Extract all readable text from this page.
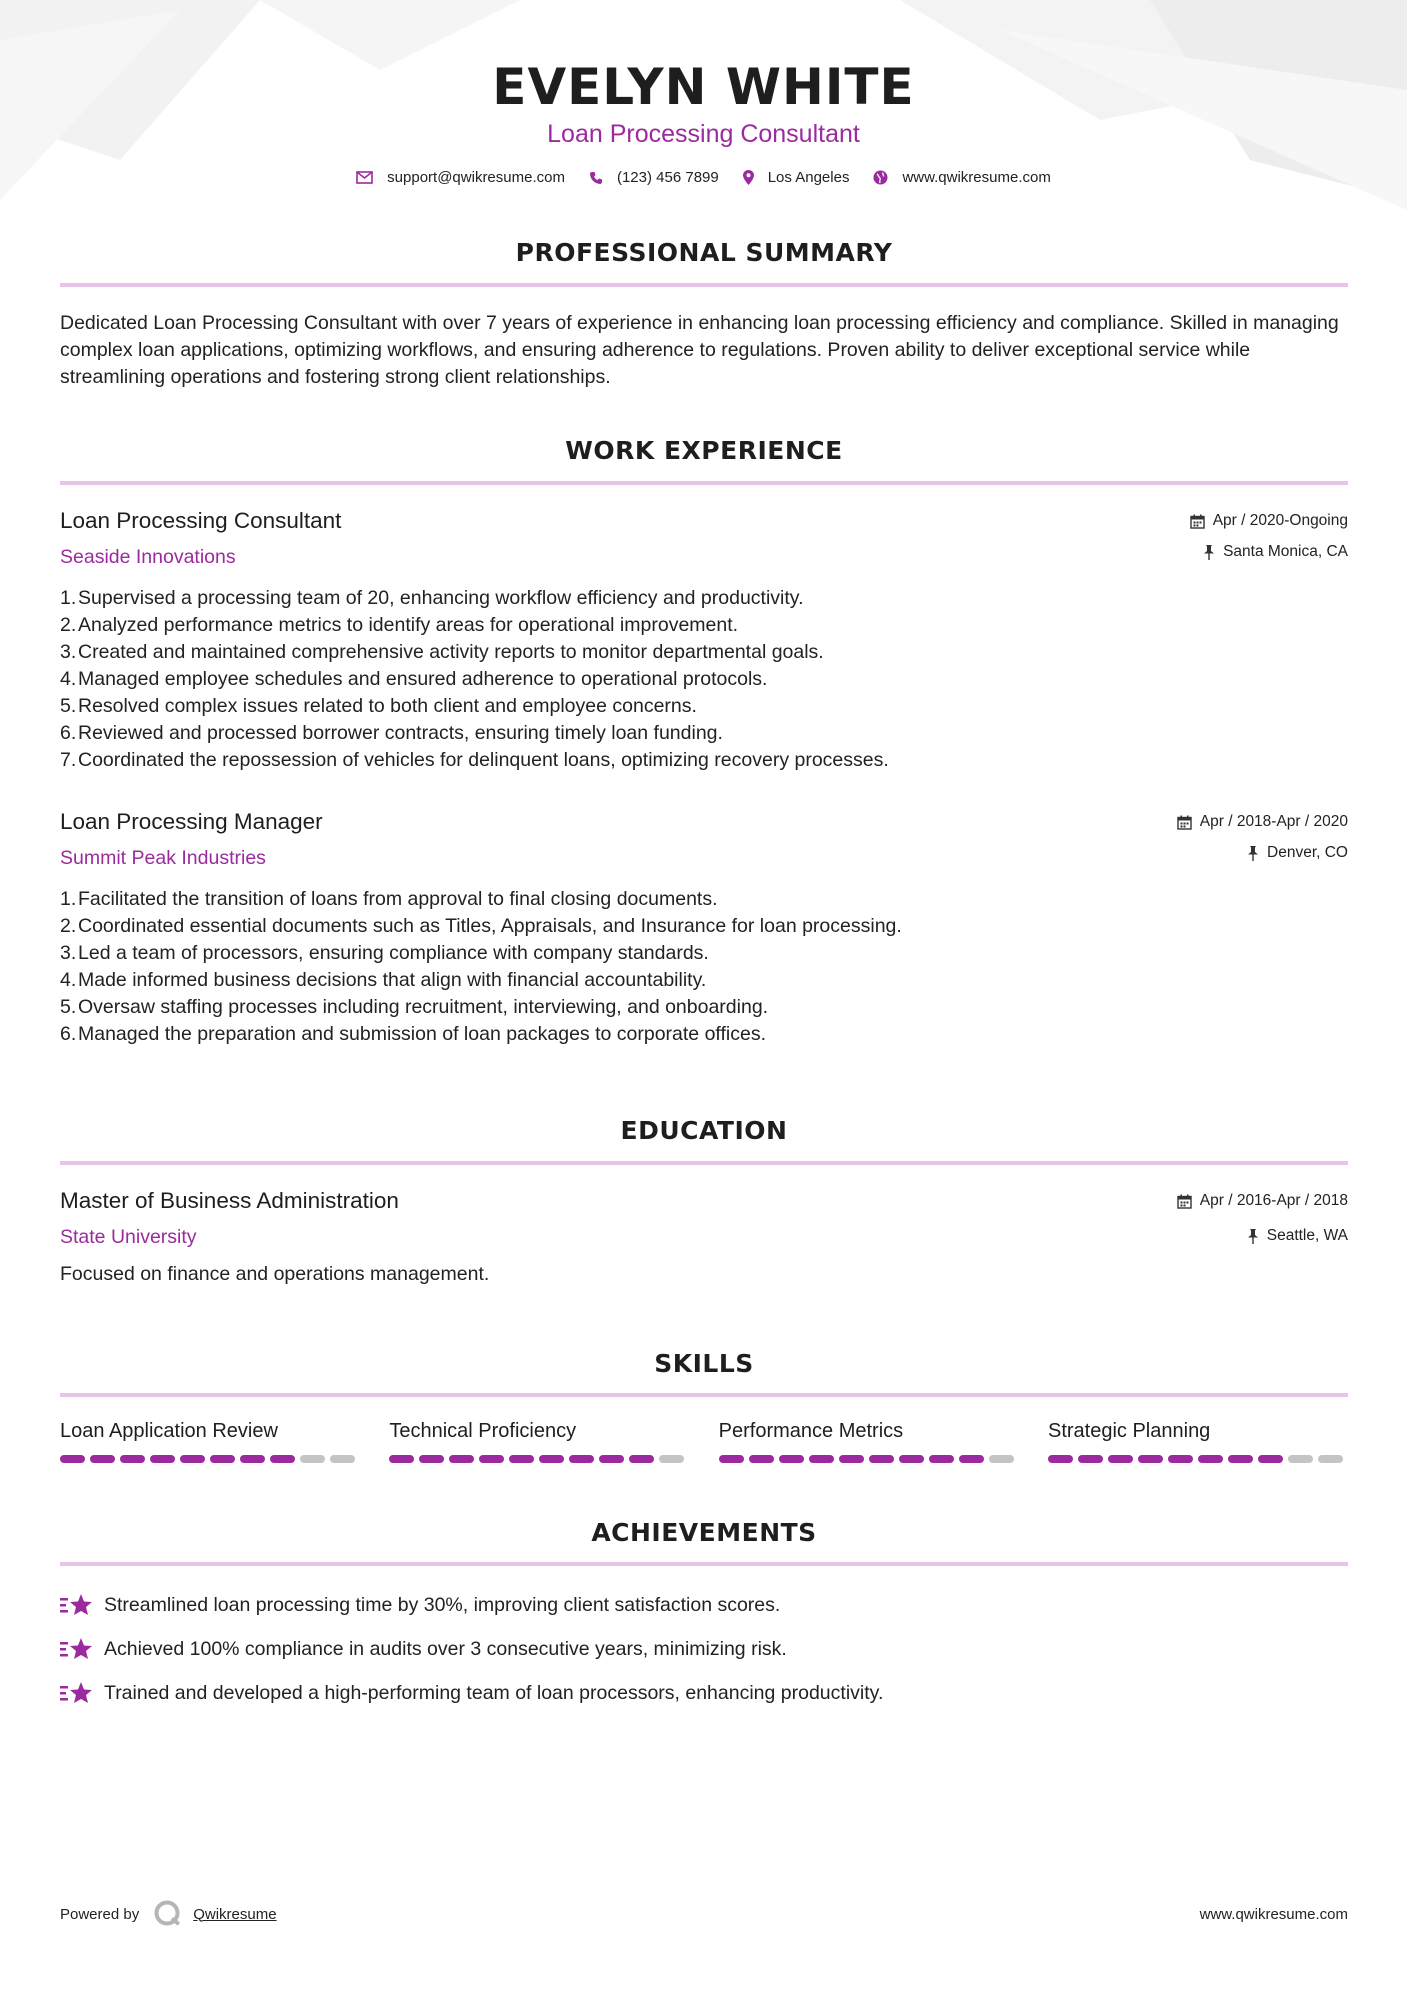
EVELYN WHITE
Loan Processing Consultant
support@qwikresume.com	(123) 456 7899	Los Angeles	www.qwikresume.com
PROFESSIONAL SUMMARY
Dedicated Loan Processing Consultant with over 7 years of experience in enhancing loan processing efficiency and compliance. Skilled in managing complex loan applications, optimizing workflows, and ensuring adherence to regulations. Proven ability to deliver exceptional service while streamlining operations and fostering strong client relationships.
WORK EXPERIENCE
Loan Processing Consultant
Seaside Innovations
Apr / 2020-Ongoing
Santa Monica, CA
1.Supervised a processing team of 20, enhancing workflow efficiency and productivity.
2.Analyzed performance metrics to identify areas for operational improvement.
3.Created and maintained comprehensive activity reports to monitor departmental goals.
4.Managed employee schedules and ensured adherence to operational protocols.
5.Resolved complex issues related to both client and employee concerns.
6.Reviewed and processed borrower contracts, ensuring timely loan funding.
7.Coordinated the repossession of vehicles for delinquent loans, optimizing recovery processes.
Loan Processing Manager
Summit Peak Industries
Apr / 2018-Apr / 2020
Denver, CO
1.Facilitated the transition of loans from approval to final closing documents.
2.Coordinated essential documents such as Titles, Appraisals, and Insurance for loan processing.
3.Led a team of processors, ensuring compliance with company standards.
4.Made informed business decisions that align with financial accountability.
5.Oversaw staffing processes including recruitment, interviewing, and onboarding.
6.Managed the preparation and submission of loan packages to corporate offices.
EDUCATION
Master of Business Administration
State University
Apr / 2016-Apr / 2018
Seattle, WA
Focused on finance and operations management.
SKILLS
Loan Application Review	Technical Proficiency	Performance Metrics	Strategic Planning
ACHIEVEMENTS
Streamlined loan processing time by 30%, improving client satisfaction scores.
Achieved 100% compliance in audits over 3 consecutive years, minimizing risk.
Trained and developed a high-performing team of loan processors, enhancing productivity.
Powered by	Qwikresume	www.qwikresume.com
